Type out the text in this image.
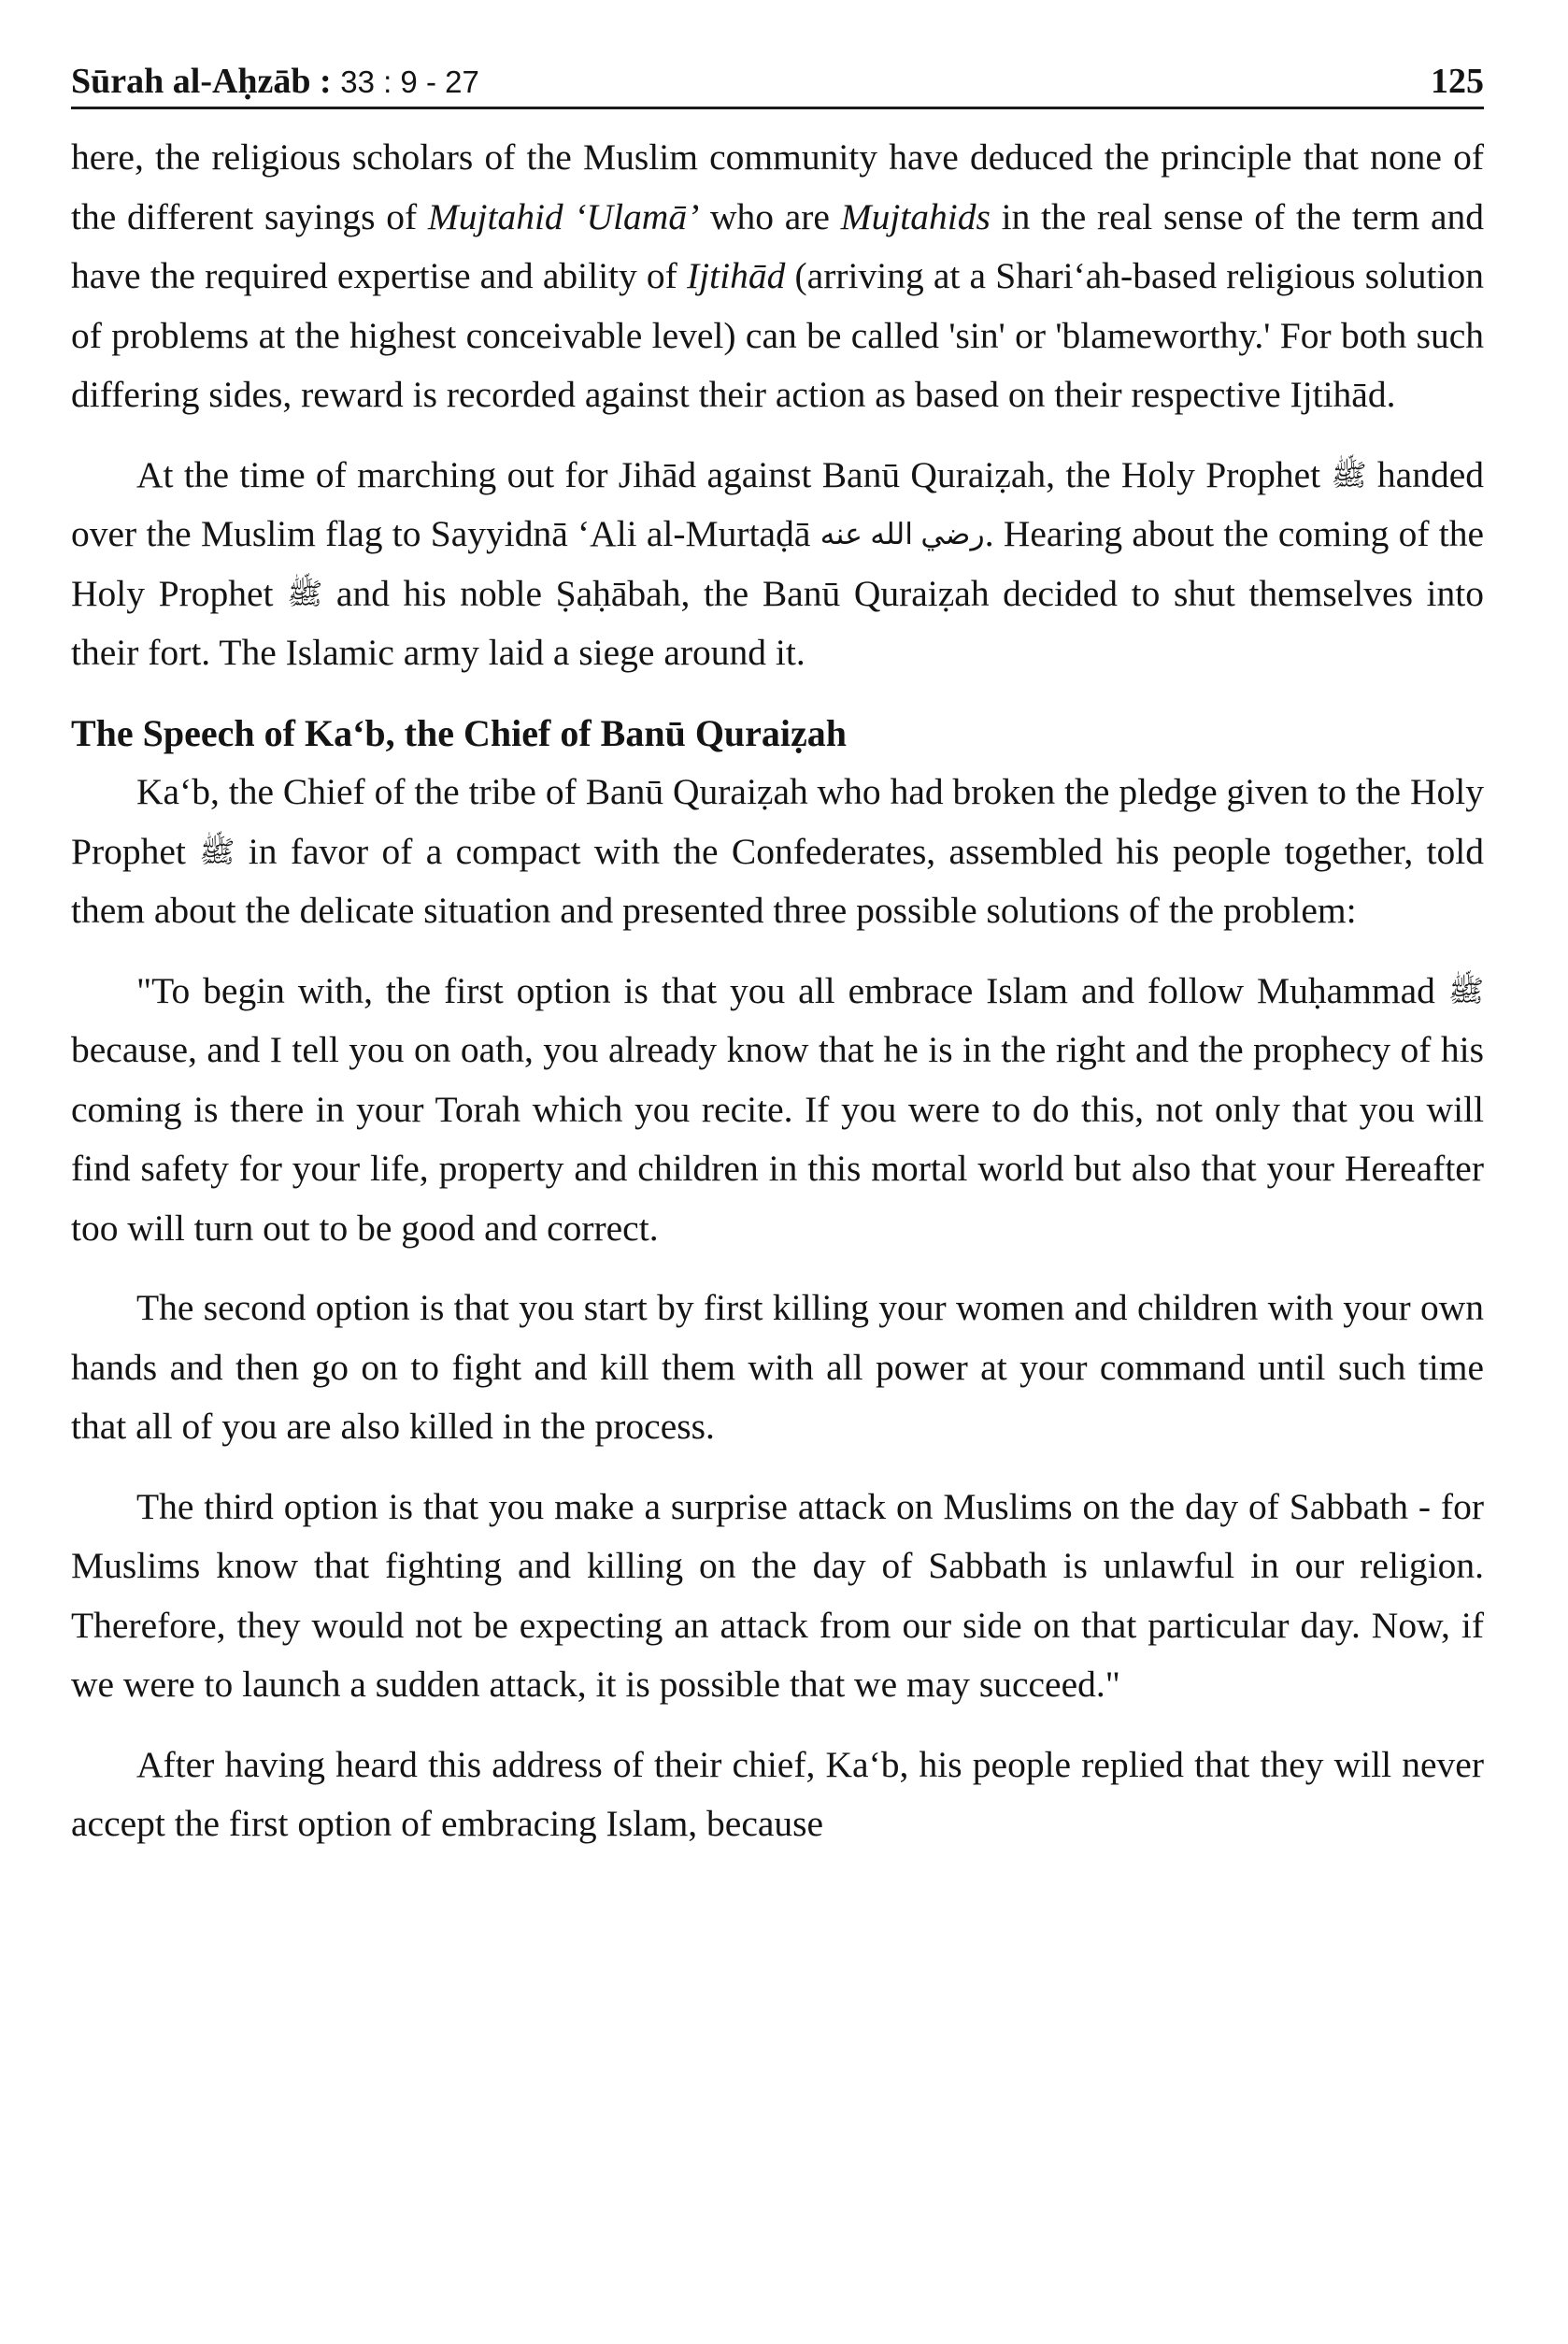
Sūrah al-Aḥzāb : 33 : 9 - 27	125

here, the religious scholars of the Muslim community have deduced the principle that none of the different sayings of Mujtahid ‘Ulamā’ who are Mujtahids in the real sense of the term and have the required expertise and ability of Ijtihād (arriving at a Shari‘ah-based religious solution of problems at the highest conceivable level) can be called 'sin' or 'blameworthy.' For both such differing sides, reward is recorded against their action as based on their respective Ijtihād.

At the time of marching out for Jihād against Banū Quraiẓah, the Holy Prophet ﷺ handed over the Muslim flag to Sayyidnā ‘Ali al-Murtaḍā رضي الله عنه. Hearing about the coming of the Holy Prophet ﷺ and his noble Ṣaḥābah, the Banū Quraiẓah decided to shut themselves into their fort. The Islamic army laid a siege around it.

The Speech of Ka‘b, the Chief of Banū Quraiẓah

Ka‘b, the Chief of the tribe of Banū Quraiẓah who had broken the pledge given to the Holy Prophet ﷺ in favor of a compact with the Confederates, assembled his people together, told them about the delicate situation and presented three possible solutions of the problem:

"To begin with, the first option is that you all embrace Islam and follow Muḥammad ﷺ because, and I tell you on oath, you already know that he is in the right and the prophecy of his coming is there in your Torah which you recite. If you were to do this, not only that you will find safety for your life, property and children in this mortal world but also that your Hereafter too will turn out to be good and correct.

The second option is that you start by first killing your women and children with your own hands and then go on to fight and kill them with all power at your command until such time that all of you are also killed in the process.

The third option is that you make a surprise attack on Muslims on the day of Sabbath - for Muslims know that fighting and killing on the day of Sabbath is unlawful in our religion. Therefore, they would not be expecting an attack from our side on that particular day. Now, if we were to launch a sudden attack, it is possible that we may succeed."

After having heard this address of their chief, Ka‘b, his people replied that they will never accept the first option of embracing Islam, because
